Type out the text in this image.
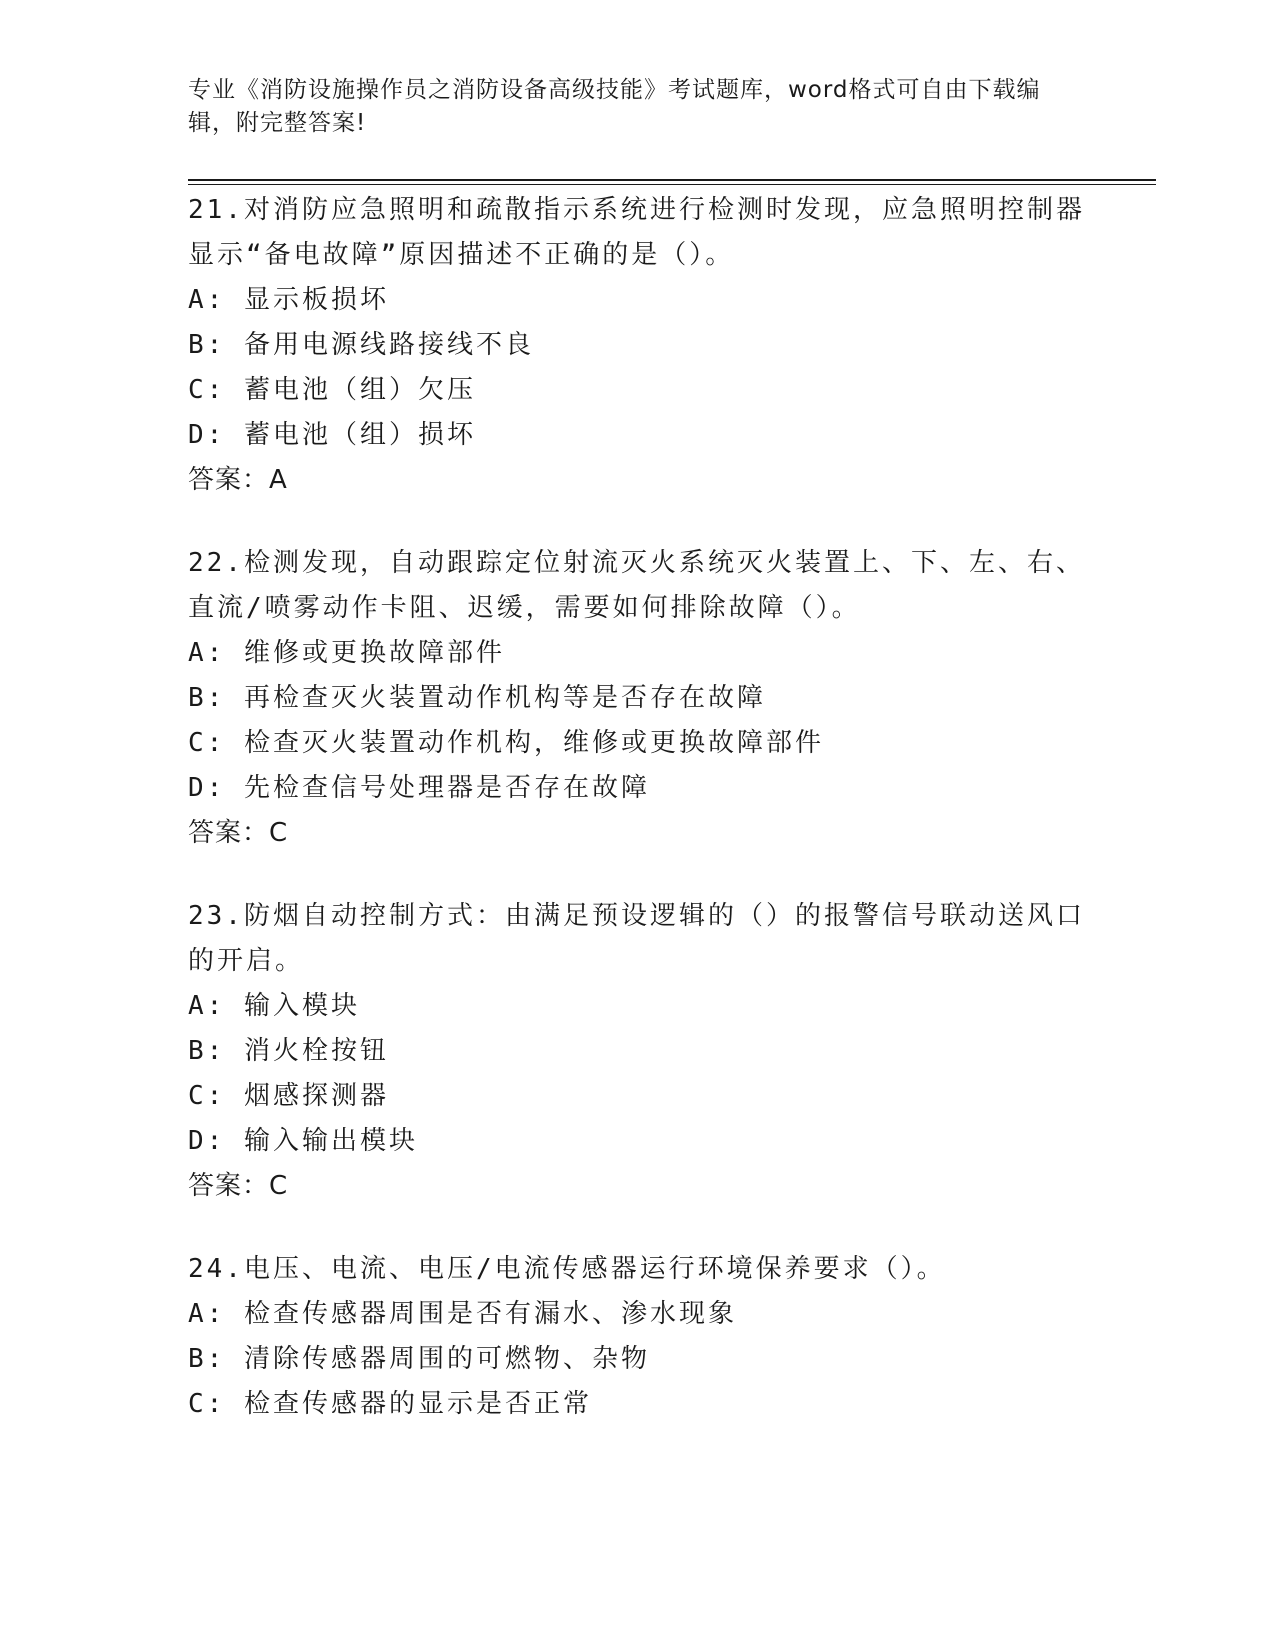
专业《消防设施操作员之消防设备高级技能》考试题库，word格式可自由下载编辑，附完整答案!

21.对消防应急照明和疏散指示系统进行检测时发现，应急照明控制器显示“备电故障”原因描述不正确的是（）。

A: 显示板损坏

B: 备用电源线路接线不良

C: 蓄电池（组）欠压

D: 蓄电池（组）损坏

答案：A

22.检测发现，自动跟踪定位射流灭火系统灭火装置上、下、左、右、直流/喷雾动作卡阻、迟缓，需要如何排除故障（）。

A: 维修或更换故障部件

B: 再检查灭火装置动作机构等是否存在故障

C: 检查灭火装置动作机构，维修或更换故障部件

D: 先检查信号处理器是否存在故障

答案：C

23.防烟自动控制方式：由满足预设逻辑的（）的报警信号联动送风口的开启。

A: 输入模块

B: 消火栓按钮

C: 烟感探测器

D: 输入输出模块

答案：C

24.电压、电流、电压/电流传感器运行环境保养要求（）。

A: 检查传感器周围是否有漏水、渗水现象

B: 清除传感器周围的可燃物、杂物

C: 检查传感器的显示是否正常
